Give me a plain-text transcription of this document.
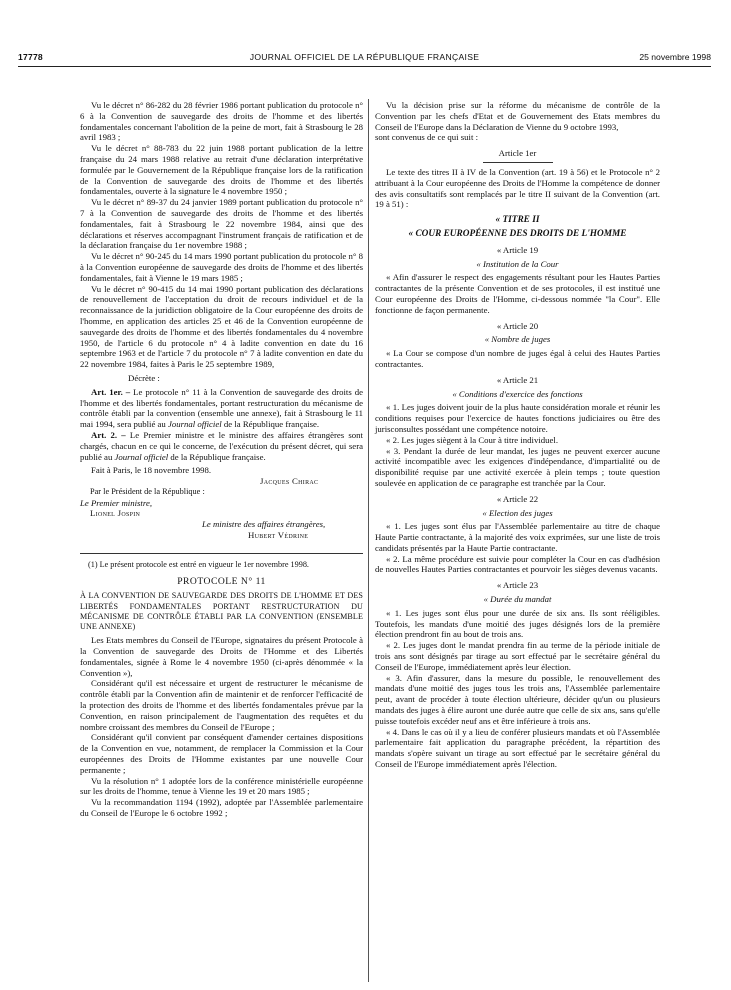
17778	JOURNAL OFFICIEL DE LA RÉPUBLIQUE FRANÇAISE	25 novembre 1998

Vu le décret n° 86-282 du 28 février 1986 portant publication du protocole n° 6 à la Convention de sauvegarde des droits de l'homme et des libertés fondamentales concernant l'abolition de la peine de mort, fait à Strasbourg le 28 avril 1983 ;

Vu le décret n° 88-783 du 22 juin 1988 portant publication de la lettre française du 24 mars 1988 relative au retrait d'une déclaration interprétative formulée par le Gouvernement de la République française lors de la ratification de la Convention de sauvegarde des droits de l'homme et des libertés fondamentales, ouverte à la signature le 4 novembre 1950 ;

Vu le décret n° 89-37 du 24 janvier 1989 portant publication du protocole n° 7 à la Convention de sauvegarde des droits de l'homme et des libertés fondamentales, fait à Strasbourg le 22 novembre 1984, ainsi que des déclarations et réserves accompagnant l'instrument français de ratification et de la déclaration française du 1er novembre 1988 ;

Vu le décret n° 90-245 du 14 mars 1990 portant publication du protocole n° 8 à la Convention européenne de sauvegarde des droits de l'homme et des libertés fondamentales, fait à Vienne le 19 mars 1985 ;

Vu le décret n° 90-415 du 14 mai 1990 portant publication des déclarations de renouvellement de l'acceptation du droit de recours individuel et de la reconnaissance de la juridiction obligatoire de la Cour européenne des droits de l'homme, en application des articles 25 et 46 de la Convention européenne de sauvegarde des droits de l'homme et des libertés fondamentales du 4 novembre 1950, de l'article 6 du protocole n° 4 à ladite convention en date du 16 septembre 1963 et de l'article 7 du protocole n° 7 à ladite convention en date du 22 novembre 1984, faites à Paris le 25 septembre 1989,

Décrète :

Art. 1er. – Le protocole n° 11 à la Convention de sauvegarde des droits de l'homme et des libertés fondamentales, portant restructuration du mécanisme de contrôle établi par la convention (ensemble une annexe), fait à Strasbourg le 11 mai 1994, sera publié au Journal officiel de la République française.

Art. 2. – Le Premier ministre et le ministre des affaires étrangères sont chargés, chacun en ce qui le concerne, de l'exécution du présent décret, qui sera publié au Journal officiel de la République française.

Fait à Paris, le 18 novembre 1998.

Jacques Chirac

Par le Président de la République :

Le Premier ministre,

Lionel Jospin

Le ministre des affaires étrangères,

Hubert Védrine

(1) Le présent protocole est entré en vigueur le 1er novembre 1998.

PROTOCOLE N° 11

À LA CONVENTION DE SAUVEGARDE DES DROITS DE L'HOMME ET DES LIBERTÉS FONDAMENTALES PORTANT RESTRUCTURATION DU MÉCANISME DE CONTRÔLE ÉTABLI PAR LA CONVENTION (ENSEMBLE UNE ANNEXE)

Les Etats membres du Conseil de l'Europe, signataires du présent Protocole à la Convention de sauvegarde des Droits de l'Homme et des Libertés fondamentales, signée à Rome le 4 novembre 1950 (ci-après dénommée « la Convention »),

Considérant qu'il est nécessaire et urgent de restructurer le mécanisme de contrôle établi par la Convention afin de maintenir et de renforcer l'efficacité de la protection des droits de l'homme et des libertés fondamentales prévue par la Convention, en raison principalement de l'augmentation des requêtes et du nombre croissant des membres du Conseil de l'Europe ;

Considérant qu'il convient par conséquent d'amender certaines dispositions de la Convention en vue, notamment, de remplacer la Commission et la Cour européennes des Droits de l'Homme existantes par une nouvelle Cour permanente ;

Vu la résolution n° 1 adoptée lors de la conférence ministérielle européenne sur les droits de l'homme, tenue à Vienne les 19 et 20 mars 1985 ;

Vu la recommandation 1194 (1992), adoptée par l'Assemblée parlementaire du Conseil de l'Europe le 6 octobre 1992 ;

Vu la décision prise sur la réforme du mécanisme de contrôle de la Convention par les chefs d'Etat et de Gouvernement des Etats membres du Conseil de l'Europe dans la Déclaration de Vienne du 9 octobre 1993,

sont convenus de ce qui suit :

Article 1er

Le texte des titres II à IV de la Convention (art. 19 à 56) et le Protocole n° 2 attribuant à la Cour européenne des Droits de l'Homme la compétence de donner des avis consultatifs sont remplacés par le titre II suivant de la Convention (art. 19 à 51) :

« TITRE II

« COUR EUROPÉENNE DES DROITS DE L'HOMME

« Article 19

« Institution de la Cour

« Afin d'assurer le respect des engagements résultant pour les Hautes Parties contractantes de la présente Convention et de ses protocoles, il est institué une Cour européenne des Droits de l'Homme, ci-dessous nommée "la Cour". Elle fonctionne de façon permanente.

« Article 20

« Nombre de juges

« La Cour se compose d'un nombre de juges égal à celui des Hautes Parties contractantes.

« Article 21

« Conditions d'exercice des fonctions

« 1. Les juges doivent jouir de la plus haute considération morale et réunir les conditions requises pour l'exercice de hautes fonctions judiciaires ou être des jurisconsultes possédant une compétence notoire.

« 2. Les juges siègent à la Cour à titre individuel.

« 3. Pendant la durée de leur mandat, les juges ne peuvent exercer aucune activité incompatible avec les exigences d'indépendance, d'impartialité ou de disponibilité requise par une activité exercée à plein temps ; toute question soulevée en application de ce paragraphe est tranchée par la Cour.

« Article 22

« Election des juges

« 1. Les juges sont élus par l'Assemblée parlementaire au titre de chaque Haute Partie contractante, à la majorité des voix exprimées, sur une liste de trois candidats présentés par la Haute Partie contractante.

« 2. La même procédure est suivie pour compléter la Cour en cas d'adhésion de nouvelles Hautes Parties contractantes et pourvoir les sièges devenus vacants.

« Article 23

« Durée du mandat

« 1. Les juges sont élus pour une durée de six ans. Ils sont rééligibles. Toutefois, les mandats d'une moitié des juges désignés lors de la première élection prendront fin au bout de trois ans.

« 2. Les juges dont le mandat prendra fin au terme de la période initiale de trois ans sont désignés par tirage au sort effectué par le secrétaire général du Conseil de l'Europe, immédiatement après leur élection.

« 3. Afin d'assurer, dans la mesure du possible, le renouvellement des mandats d'une moitié des juges tous les trois ans, l'Assemblée parlementaire peut, avant de procéder à toute élection ultérieure, décider qu'un ou plusieurs mandats des juges à élire auront une durée autre que celle de six ans, sans qu'elle puisse toutefois excéder neuf ans et être inférieure à trois ans.

« 4. Dans le cas où il y a lieu de conférer plusieurs mandats et où l'Assemblée parlementaire fait application du paragraphe précédent, la répartition des mandats s'opère suivant un tirage au sort effectué par le secrétaire général du Conseil de l'Europe immédiatement après l'élection.
